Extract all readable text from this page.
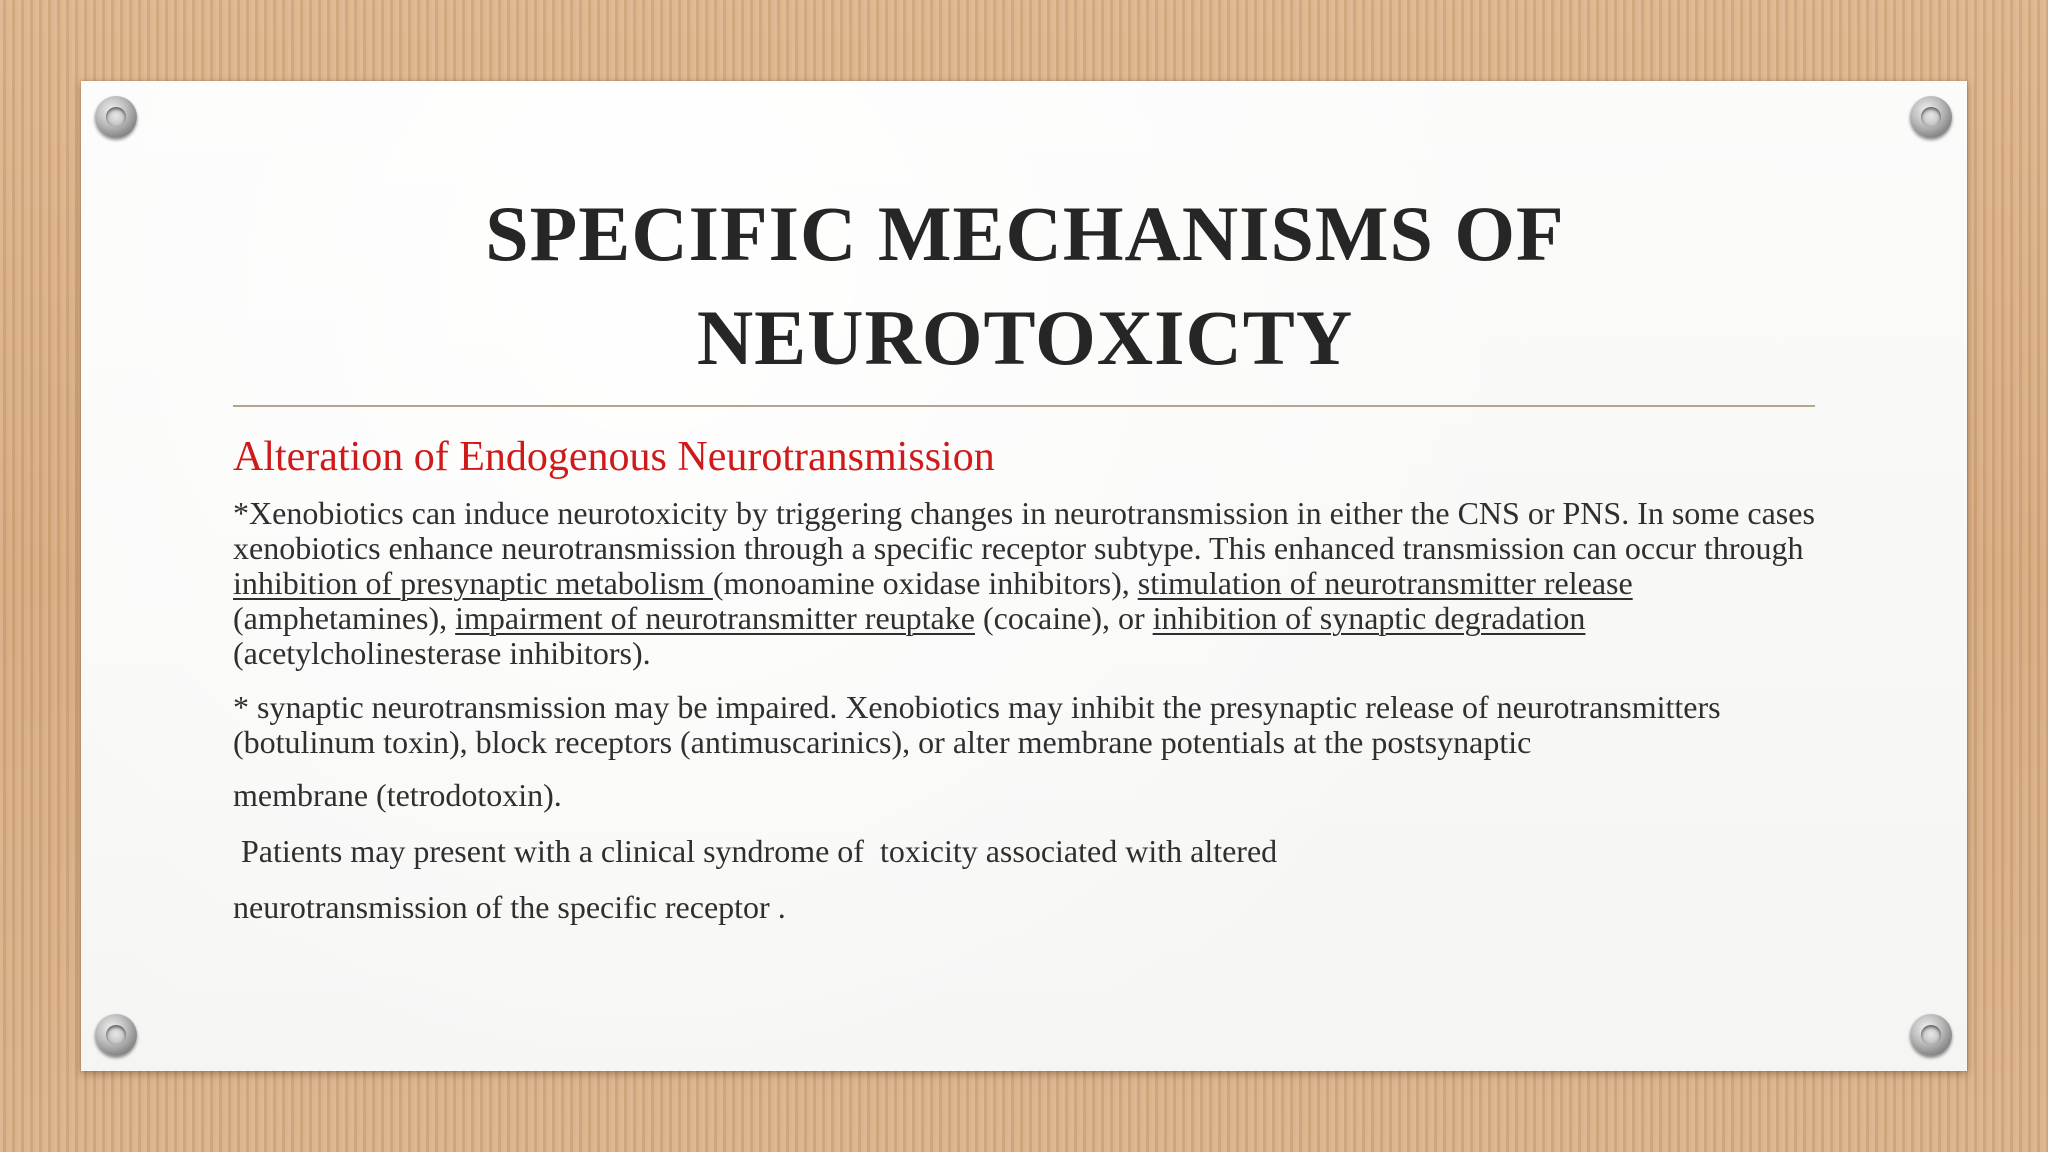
SPECIFIC MECHANISMS OF
NEUROTOXICTY
Alteration of Endogenous Neurotransmission

*Xenobiotics can induce neurotoxicity by triggering changes in neurotransmission in either the CNS or PNS. In some cases xenobiotics enhance neurotransmission through a specific receptor subtype. This enhanced transmission can occur through inhibition of presynaptic metabolism (monoamine oxidase inhibitors), stimulation of neurotransmitter release (amphetamines), impairment of neurotransmitter reuptake (cocaine), or inhibition of synaptic degradation (acetylcholinesterase inhibitors).

* synaptic neurotransmission may be impaired. Xenobiotics may inhibit the presynaptic release of neurotransmitters (botulinum toxin), block receptors (antimuscarinics), or alter membrane potentials at the postsynaptic

membrane (tetrodotoxin).

Patients may present with a clinical syndrome of  toxicity associated with altered

neurotransmission of the specific receptor .
